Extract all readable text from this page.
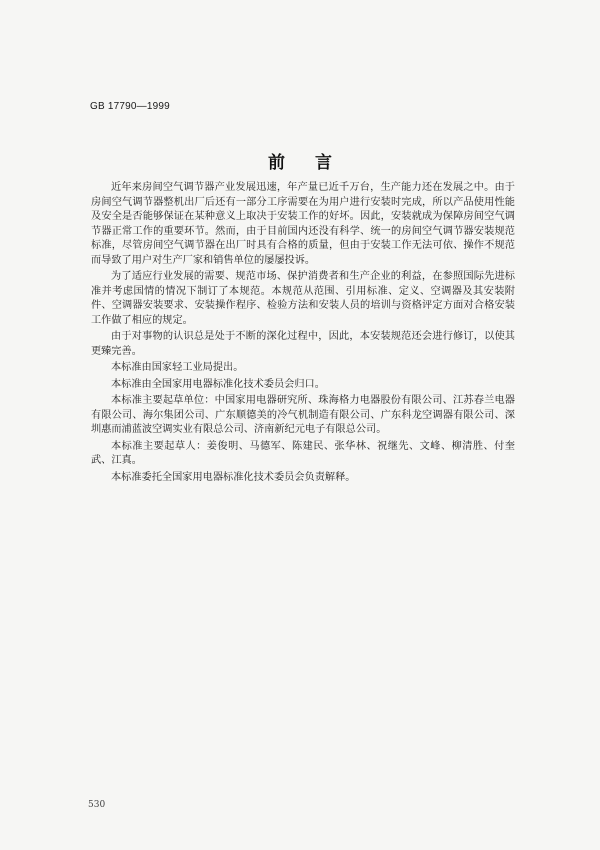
GB 17790—1999
前言

近年来房间空气调节器产业发展迅速，年产量已近千万台，生产能力还在发展之中。由于房间空气调节器整机出厂后还有一部分工序需要在为用户进行安装时完成，所以产品使用性能及安全是否能够保证在某种意义上取决于安装工作的好坏。因此，安装就成为保障房间空气调节器正常工作的重要环节。然而，由于目前国内还没有科学、统一的房间空气调节器安装规范标准，尽管房间空气调节器在出厂时具有合格的质量，但由于安装工作无法可依、操作不规范而导致了用户对生产厂家和销售单位的屡屡投诉。

为了适应行业发展的需要、规范市场、保护消费者和生产企业的利益，在参照国际先进标准并考虑国情的情况下制订了本规范。本规范从范围、引用标准、定义、空调器及其安装附件、空调器安装要求、安装操作程序、检验方法和安装人员的培训与资格评定方面对合格安装工作做了相应的规定。

由于对事物的认识总是处于不断的深化过程中，因此，本安装规范还会进行修订，以使其更臻完善。

本标准由国家轻工业局提出。

本标准由全国家用电器标准化技术委员会归口。

本标准主要起草单位：中国家用电器研究所、珠海格力电器股份有限公司、江苏春兰电器有限公司、海尔集团公司、广东顺德美的冷气机制造有限公司、广东科龙空调器有限公司、深圳惠而浦蓝波空调实业有限总公司、济南新纪元电子有限总公司。

本标准主要起草人：姜俊明、马德军、陈建民、张华林、祝继先、文峰、柳清胜、付奎武、江真。

本标准委托全国家用电器标准化技术委员会负责解释。

530
